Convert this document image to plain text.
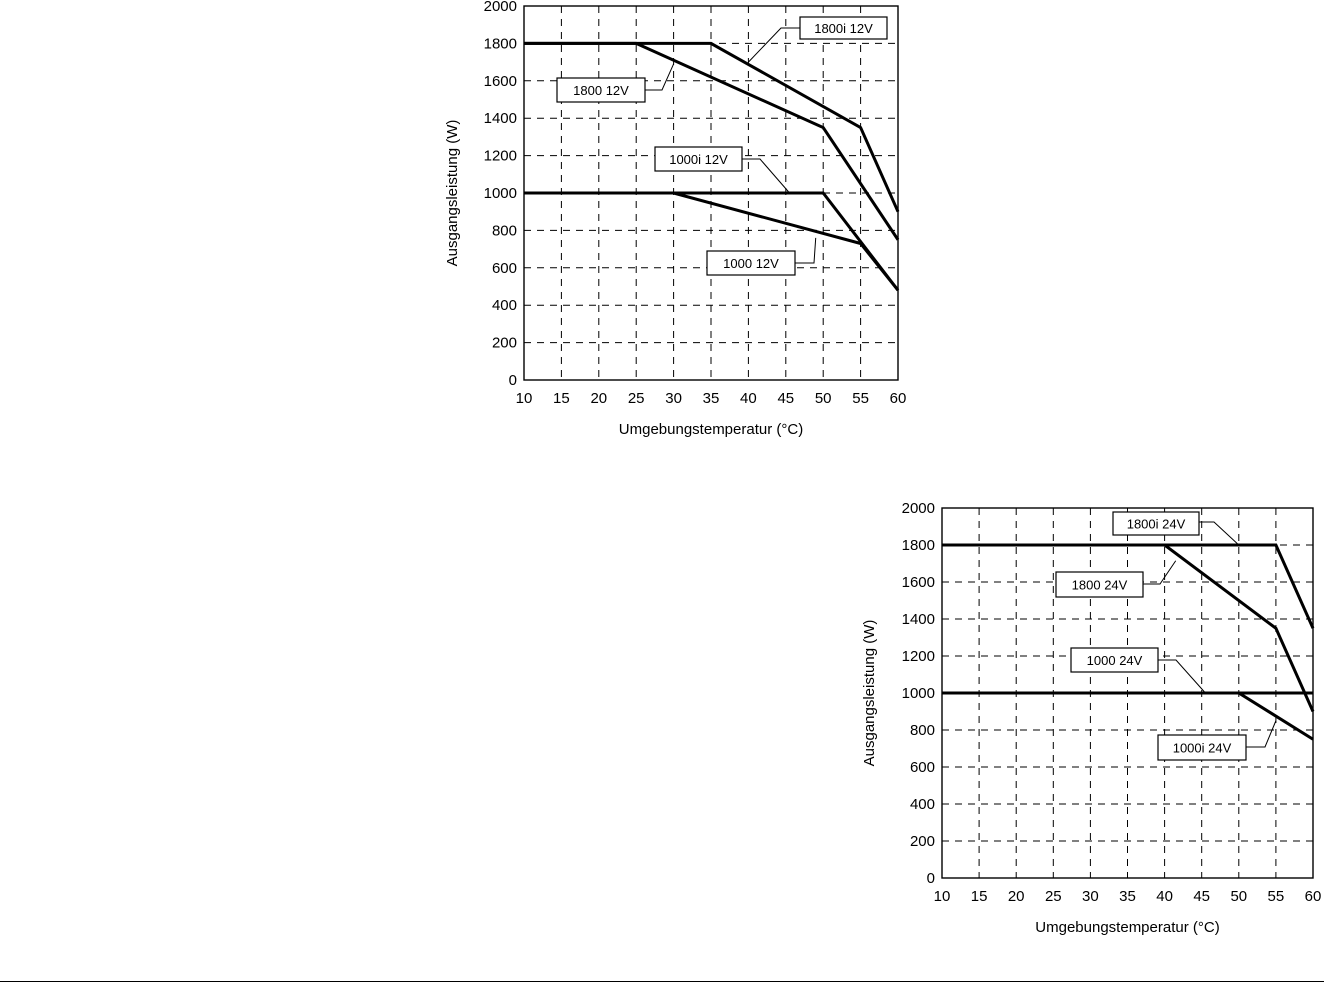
10 15 20 25 30 35 40 45 50 55 60
0
200
400
600
800
1000
1200
1400
1600
1800
2000
Umgebungstemperatur (°C)
Ausgangsleistung (W)
1800i 12V
1800 12V
1000i 12V
1000 12V
10 15 20 25 30 35 40 45 50 55 60
0
200
400
600
800
1000
1200
1400
1600
1800
2000
Umgebungstemperatur (°C)
Ausgangsleistung (W)
1800i 24V
1800 24V
1000 24V
1000i 24V
